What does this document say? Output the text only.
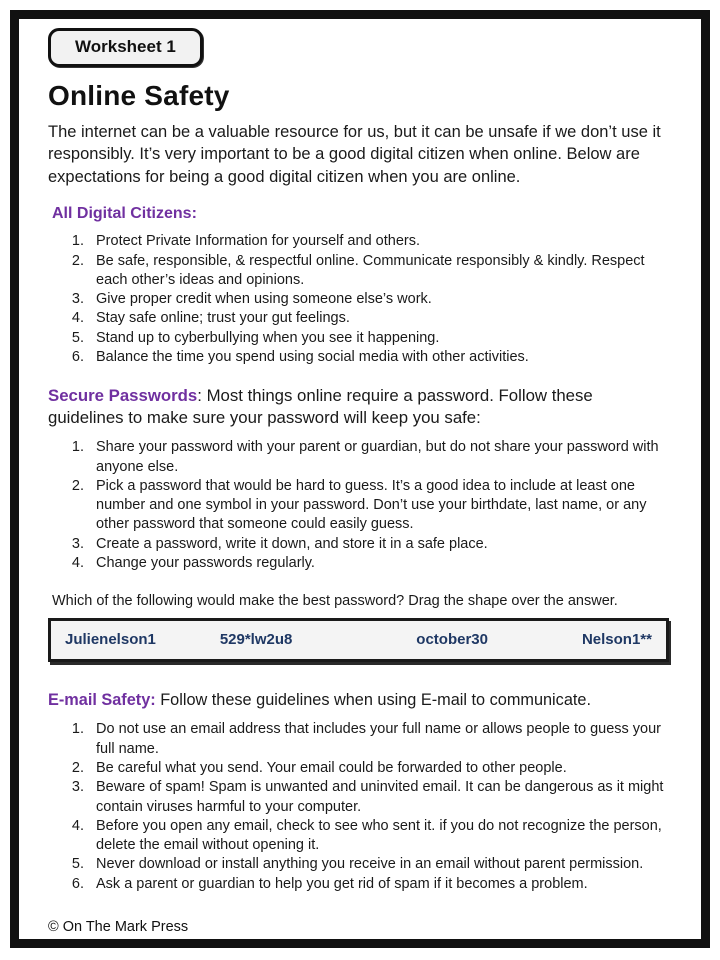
Worksheet 1
Online Safety

The internet can be a valuable resource for us, but it can be unsafe if we don’t use it responsibly. It’s very important to be a good digital citizen when online. Below are expectations for being a good digital citizen when you are online.

All Digital Citizens:
1. Protect Private Information for yourself and others.
2. Be safe, responsible, & respectful online. Communicate responsibly & kindly. Respect each other’s ideas and opinions.
3. Give proper credit when using someone else’s work.
4. Stay safe online; trust your gut feelings.
5. Stand up to cyberbullying when you see it happening.
6. Balance the time you spend using social media with other activities.

Secure Passwords: Most things online require a password. Follow these guidelines to make sure your password will keep you safe:

1. Share your password with your parent or guardian, but do not share your password with anyone else.
2. Pick a password that would be hard to guess. It’s a good idea to include at least one number and one symbol in your password. Don’t use your birthdate, last name, or any other password that someone could easily guess.
3. Create a password, write it down, and store it in a safe place.
4. Change your passwords regularly.

Which of the following would make the best password? Drag the shape over the answer.

Julienelson1	529*lw2u8	october30	Nelson1**

E-mail Safety: Follow these guidelines when using E-mail to communicate.

1. Do not use an email address that includes your full name or allows people to guess your full name.
2. Be careful what you send. Your email could be forwarded to other people.
3. Beware of spam! Spam is unwanted and uninvited email. It can be dangerous as it might contain viruses harmful to your computer.
4. Before you open any email, check to see who sent it. if you do not recognize the person, delete the email without opening it.
5. Never download or install anything you receive in an email without parent permission.
6. Ask a parent or guardian to help you get rid of spam if it becomes a problem.
© On The Mark Press
